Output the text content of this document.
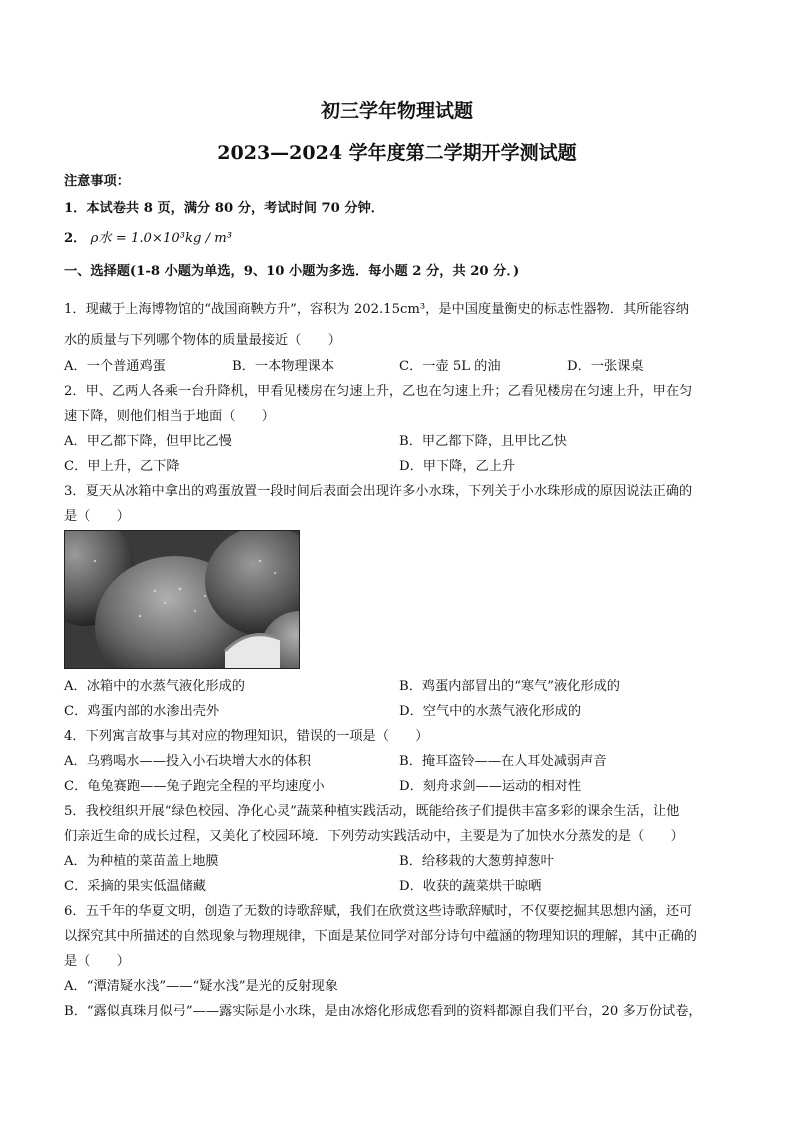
初三学年物理试题
2023—2024 学年度第二学期开学测试题
注意事项：
1．本试卷共 8 页，满分 80 分，考试时间 70 分钟．
2． ρ水 = 1.0×10³kg / m³
一、选择题(1-8 小题为单选，9、10 小题为多选．每小题 2 分，共 20 分．)
1．现藏于上海博物馆的“战国商鞅方升”，容积为 202.15cm³，是中国度量衡史的标志性器物．其所能容纳
水的质量与下列哪个物体的质量最接近（　　）
A．一个普通鸡蛋	B．一本物理课本	C．一壶 5L 的油	D．一张课桌
2．甲、乙两人各乘一台升降机，甲看见楼房在匀速上升，乙也在匀速上升；乙看见楼房在匀速上升，甲在匀
速下降，则他们相当于地面（　　）
A．甲乙都下降，但甲比乙慢	B．甲乙都下降，且甲比乙快
C．甲上升，乙下降	D．甲下降，乙上升
3．夏天从冰箱中拿出的鸡蛋放置一段时间后表面会出现许多小水珠，下列关于小水珠形成的原因说法正确的
是（　　）
A．冰箱中的水蒸气液化形成的	B．鸡蛋内部冒出的“寒气”液化形成的
C．鸡蛋内部的水渗出壳外	D．空气中的水蒸气液化形成的
4．下列寓言故事与其对应的物理知识，错误的一项是（　　）
A．乌鸦喝水——投入小石块增大水的体积	B．掩耳盗铃——在人耳处减弱声音
C．龟兔赛跑——兔子跑完全程的平均速度小	D．刻舟求剑——运动的相对性
5．我校组织开展“绿色校园、净化心灵”蔬菜种植实践活动，既能给孩子们提供丰富多彩的课余生活，让他
们亲近生命的成长过程，又美化了校园环境．下列劳动实践活动中，主要是为了加快水分蒸发的是（　　）
A．为种植的菜苗盖上地膜	B．给移栽的大葱剪掉葱叶
C．采摘的果实低温储藏	D．收获的蔬菜烘干晾晒
6．五千年的华夏文明，创造了无数的诗歌辞赋，我们在欣赏这些诗歌辞赋时，不仅要挖掘其思想内涵，还可
以探究其中所描述的自然现象与物理规律，下面是某位同学对部分诗句中蕴涵的物理知识的理解，其中正确的
是（　　）
A．“潭清疑水浅”——“疑水浅”是光的反射现象
B．“露似真珠月似弓”——露实际是小水珠，是由冰熔化形成您看到的资料都源自我们平台，20 多万份试卷，
